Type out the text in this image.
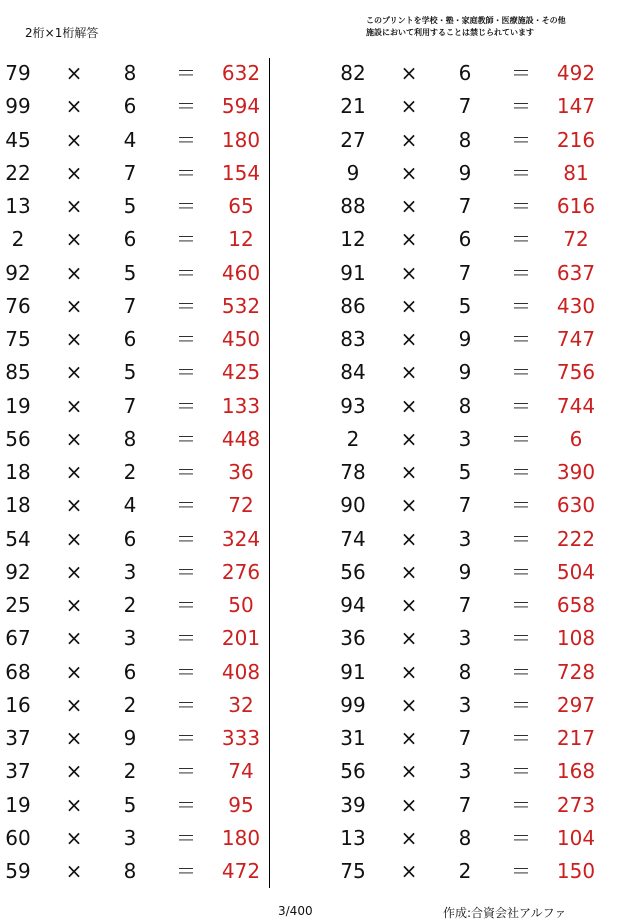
2桁×1桁解答
このプリントを学校・塾・家庭教師・医療施設・その他
施設において利用することは禁じられています
79 × 8 ＝	632
99 × 6 ＝	594
45 × 4 ＝	180
22 × 7 ＝	154
13 × 5 ＝	65
2	× 6 ＝	12
92 × 5 ＝	460
76 × 7 ＝	532
75 × 6 ＝	450
85 × 5 ＝	425
19 × 7 ＝	133
56 × 8 ＝	448
18 × 2 ＝	36
18 × 4 ＝	72
54 × 6 ＝	324
92 × 3 ＝	276
25 × 2 ＝	50
67 × 3 ＝	201
68 × 6 ＝	408
16 × 2 ＝	32
37 × 9 ＝	333
37 × 2 ＝	74
19 × 5 ＝	95
60 × 3 ＝	180
59 × 8 ＝	472
82 × 6 ＝	492
21 × 7 ＝	147
27 × 8 ＝	216
9	× 9 ＝	81
88 × 7 ＝	616
12 × 6 ＝	72
91 × 7 ＝	637
86 × 5 ＝	430
83 × 9 ＝	747
84 × 9 ＝	756
93 × 8 ＝	744
2	× 3 ＝	6
78 × 5 ＝	390
90 × 7 ＝	630
74 × 3 ＝	222
56 × 9 ＝	504
94 × 7 ＝	658
36 × 3 ＝	108
91 × 8 ＝	728
99 × 3 ＝	297
31 × 7 ＝	217
56 × 3 ＝	168
39 × 7 ＝	273
13 × 8 ＝	104
75 × 2 ＝	150
3/400	作成:合資会社アルファ
